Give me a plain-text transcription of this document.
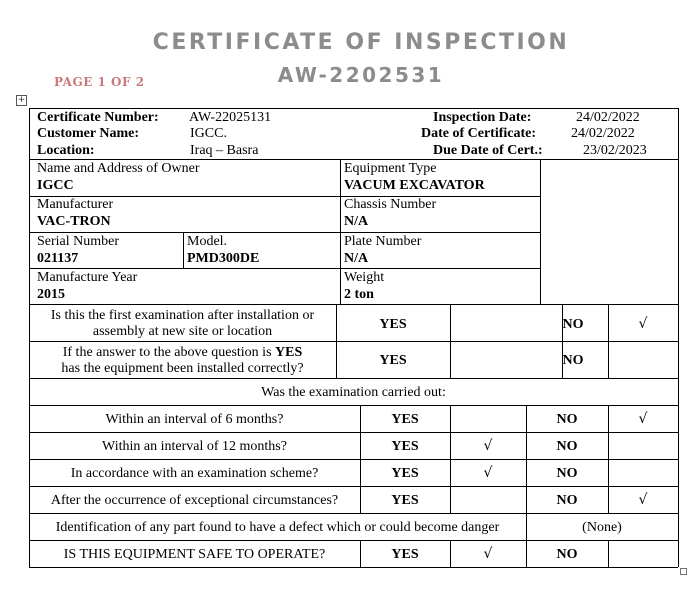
CERTIFICATE OF INSPECTION
AW-2202531
PAGE 1 OF 2
+
Certificate Number: AW-22025131
Customer Name:	IGCC.
Location:	Iraq – Basra
Inspection Date:	24/02/2022
Date of Certificate: 24/02/2022
Due Date of Cert.:	23/02/2023
Name and Address of Owner
IGCC
Equipment Type
VACUM EXCAVATOR
Manufacturer
VAC-TRON
Chassis Number
N/A
Serial Number
021137
Model.
PMD300DE
Plate Number
N/A
Manufacture Year
2015
Weight
2 ton
Is this the first examination after installation or
assembly at new site or location	YES	NO	√
If the answer to the above question is YES
has the equipment been installed correctly?
YES	NO
Was the examination carried out:
Within an interval of 6 months?	YES	NO	√
Within an interval of 12 months?	YES	√	NO
In accordance with an examination scheme?	YES	√	NO
After the occurrence of exceptional circumstances?	YES	NO	√
Identification of any part found to have a defect which or could become danger	(None)
IS THIS EQUIPMENT SAFE TO OPERATE?	YES	√	NO
